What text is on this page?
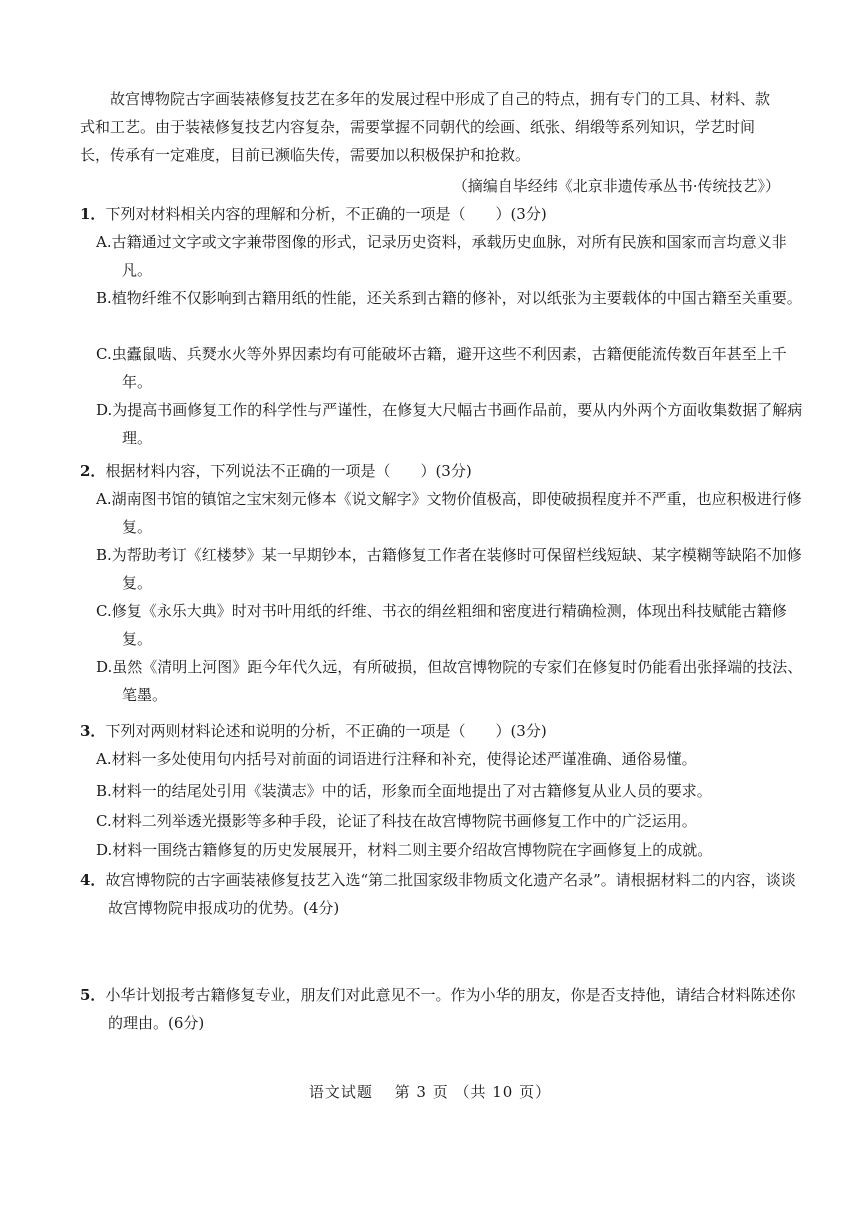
故宫博物院古字画装裱修复技艺在多年的发展过程中形成了自己的特点，拥有专门的工具、材料、款式和工艺。由于装裱修复技艺内容复杂，需要掌握不同朝代的绘画、纸张、绢缎等系列知识，学艺时间长，传承有一定难度，目前已濒临失传，需要加以积极保护和抢救。

（摘编自毕经纬《北京非遗传承丛书·传统技艺》）

1．下列对材料相关内容的理解和分析，不正确的一项是（　　）(3分)

A.古籍通过文字或文字兼带图像的形式，记录历史资料，承载历史血脉，对所有民族和国家而言均意义非凡。

B.植物纤维不仅影响到古籍用纸的性能，还关系到古籍的修补，对以纸张为主要载体的中国古籍至关重要。

C.虫蠹鼠啮、兵燹水火等外界因素均有可能破坏古籍，避开这些不利因素，古籍便能流传数百年甚至上千年。

D.为提高书画修复工作的科学性与严谨性，在修复大尺幅古书画作品前，要从内外两个方面收集数据了解病理。

2．根据材料内容，下列说法不正确的一项是（　　）(3分)

A.湖南图书馆的镇馆之宝宋刻元修本《说文解字》文物价值极高，即使破损程度并不严重，也应积极进行修复。

B.为帮助考订《红楼梦》某一早期钞本，古籍修复工作者在装修时可保留栏线短缺、某字模糊等缺陷不加修复。

C.修复《永乐大典》时对书叶用纸的纤维、书衣的绢丝粗细和密度进行精确检测，体现出科技赋能古籍修复。

D.虽然《清明上河图》距今年代久远，有所破损，但故宫博物院的专家们在修复时仍能看出张择端的技法、笔墨。

3．下列对两则材料论述和说明的分析，不正确的一项是（　　）(3分)

A.材料一多处使用句内括号对前面的词语进行注释和补充，使得论述严谨准确、通俗易懂。

B.材料一的结尾处引用《装潢志》中的话，形象而全面地提出了对古籍修复从业人员的要求。

C.材料二列举透光摄影等多种手段，论证了科技在故宫博物院书画修复工作中的广泛运用。

D.材料一围绕古籍修复的历史发展展开，材料二则主要介绍故宫博物院在字画修复上的成就。

4．故宫博物院的古字画装裱修复技艺入选“第二批国家级非物质文化遗产名录”。请根据材料二的内容，谈谈故宫博物院申报成功的优势。(4分)

5．小华计划报考古籍修复专业，朋友们对此意见不一。作为小华的朋友，你是否支持他，请结合材料陈述你的理由。(6分)

语文试题　 第 3 页 （共 10 页）
